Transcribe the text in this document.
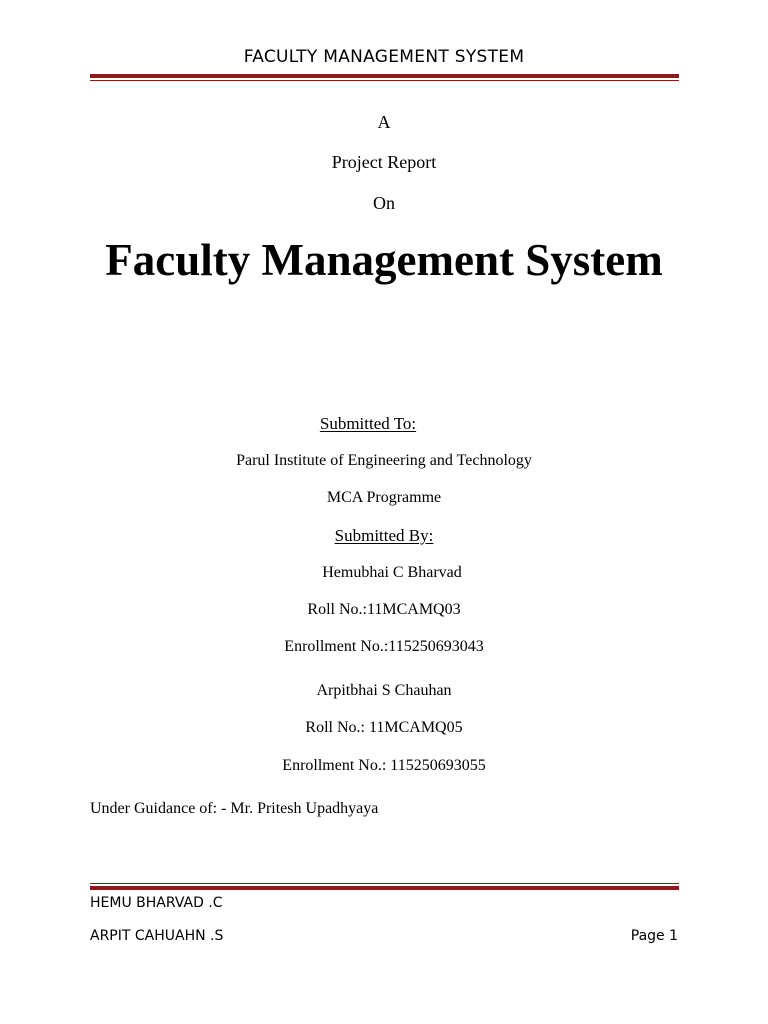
FACULTY MANAGEMENT SYSTEM
A
Project Report
On
Faculty Management System
Submitted To:
Parul Institute of Engineering and Technology
MCA Programme
Submitted By:
Hemubhai C Bharvad
Roll No.:11MCAMQ03
Enrollment No.:115250693043
Arpitbhai S Chauhan
Roll No.: 11MCAMQ05
Enrollment No.: 115250693055
Under Guidance of: - Mr. Pritesh Upadhyaya
HEMU BHARVAD .C
ARPIT CAHUAHN .S	Page 1
